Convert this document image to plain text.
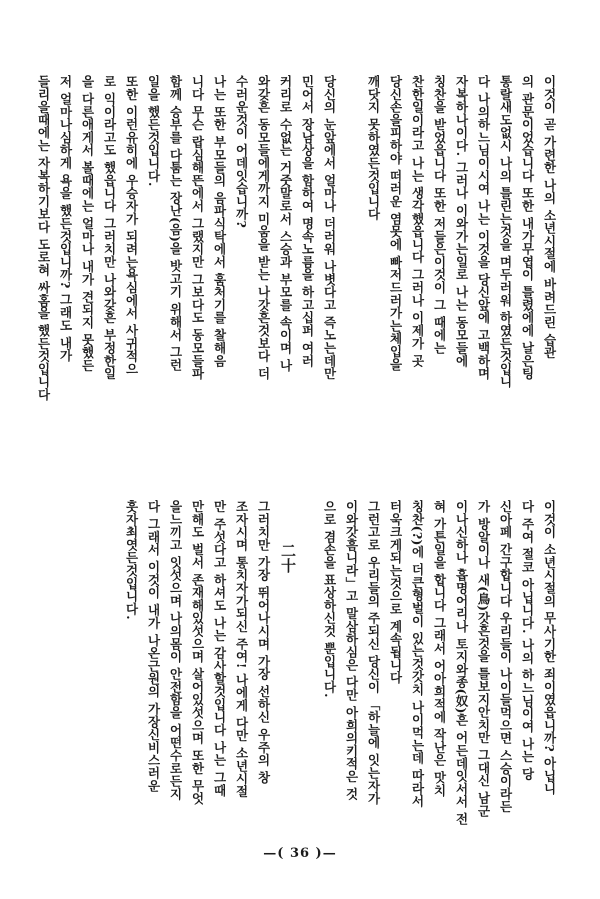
이것이 곧 가련한 나의 소년시절에 바려드린 습관
의 관문이었습니다 또한 내가무엽이 틀렸에에 날은팅
통랄새도없시 나의 틀린는것을 며두러워 하였든것입니
다 나의하느님이시여 나는 이것을 당신앞에 고백하며
자복하나이다. 그러나 이와가는일로 나는 동모들에
칭찬을 받었읍니다 또한 저들은이것이 그 때에는
찬한일이라고 나는 생각했읍니다 그러나 이제가 곳
당신손을피하야 떠러운 염못에 빠저드러가는체입을
깨닷지 못하였든것입니다
당신의 눈앞에서 얼마나 더러워 나볏다고 즉노는데만
민어서 장남상을 함하여 명속노름을 하고십퍼 여러
커리로 수없는 거줏말로서 스승과 부모를 속이며 나
와갖흔 동모들에게까지 미움을 받는 나갓흔것보다 더
수러운것이 어데잇습니까?
나는 또한 부모들의 음파식탁에서 훔처기를 찰해음
니다 무슨 랍심해뜬에서 그랬지만 그보다도 동모들파
함께 승부를 다툼는 장난(음)을 밧고기 위해서 그런
일을 했든것입니다.
또한 이런유히에 우승자가 되려는욕심에서 사귀적으
로 익이라고도 했읍니다 그러치만 나와갖흔 부정한일
을 다른애게서 볼때에는 얼마나 내가 견되지 못했든
저 얼마나심하게 욕을 했든것입니까? 그래도 내가
들리을때에는 자복하기보다 도로혀 싸홈을 했든것입니다
二十	이것이 소년시절의 무사기한 죄이였읍니까? 아닙니
다 주여 절코 아닙니다. 나의 하느님이여 나는 당
신아페 간구합니다 우리들이 나이들먹으면 스승이라든
가 방알이나 새(鳥)갓흔것을 틀보지안치만 그대신 남군
이나신하나 흡명어리나 토지와종(奴)흔 어든데잇서서 전
혀 가튼일을 합니다 그래서 어아희적에 작난은 맛치
칭찬(?)에 더큰형벌이 있는것갓치 나이먹는데 따라서
터욱크게되는것으로 계속됩니다
그런고로 우리들의 주되신 당신이 「하늘에 잇는자가
이와갓흠니라」고 말삼하심은 다만 아희의키적은 것
으로 겸손을 표상하신것 뿐입니다.
그러치만 가장 뛰어나시며 가장 선하신 우주의 창
조자시며 통치자가되신 주여! 나에게 다만 소년시절
만 주섯다고 하셔도 나는 감사할것입니다 나는 그때
만해도 벌서 존재해있섯으며 살어있섯으며 또한 무엇
을느끼고 잇섯으며 나의몸이 안전함을 어떤수로든지
다 그래서 이것이 내가 나온근원의 가장신비스러운
흣자최엿든것입니다.
—( 36 )—
